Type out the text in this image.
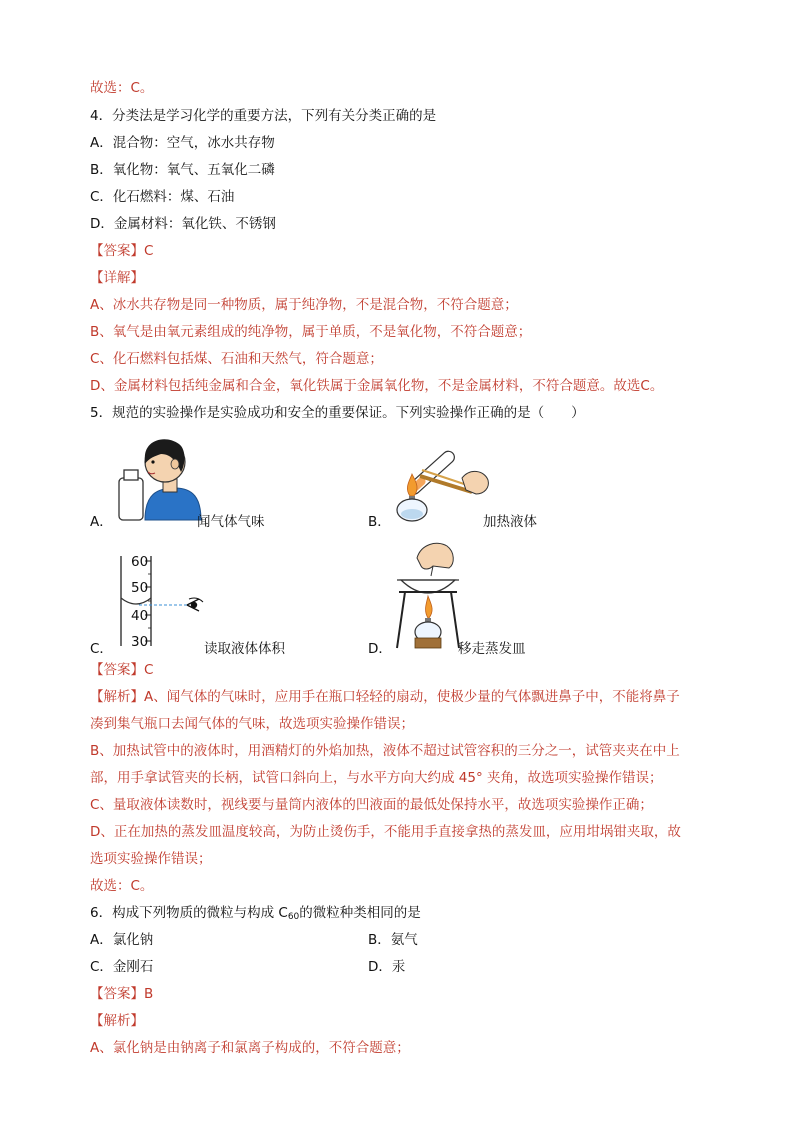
故选：C。
4．分类法是学习化学的重要方法，下列有关分类正确的是
A．混合物：空气，冰水共存物
B．氧化物：氧气、五氧化二磷
C．化石燃料：煤、石油
D．金属材料：氧化铁、不锈钢
【答案】C
【详解】
A、冰水共存物是同一种物质，属于纯净物，不是混合物，不符合题意；
B、氧气是由氧元素组成的纯净物，属于单质，不是氧化物，不符合题意；
C、化石燃料包括煤、石油和天然气，符合题意；
D、金属材料包括纯金属和合金，氧化铁属于金属氧化物，不是金属材料，不符合题意。故选C。
5．规范的实验操作是实验成功和安全的重要保证。下列实验操作正确的是（　　）
A．	闻气体气味	B．	加热液体
60
50
40
30
C．	读取液体体积	D．	移走蒸发皿
【答案】C
【解析】A、闻气体的气味时，应用手在瓶口轻轻的扇动，使极少量的气体飘进鼻子中，不能将鼻子
凑到集气瓶口去闻气体的气味，故选项实验操作错误；
B、加热试管中的液体时，用酒精灯的外焰加热，液体不超过试管容积的三分之一，试管夹夹在中上
部，用手拿试管夹的长柄，试管口斜向上，与水平方向大约成 45° 夹角，故选项实验操作错误；
C、量取液体读数时，视线要与量筒内液体的凹液面的最低处保持水平，故选项实验操作正确；
D、正在加热的蒸发皿温度较高，为防止烫伤手，不能用手直接拿热的蒸发皿，应用坩埚钳夹取，故
选项实验操作错误；
故选：C。
6．构成下列物质的微粒与构成 $C_{60}$的微粒种类相同的是
A．氯化钠	B．氨气
C．金刚石	D．汞
【答案】B
【解析】
A、氯化钠是由钠离子和氯离子构成的，不符合题意；
